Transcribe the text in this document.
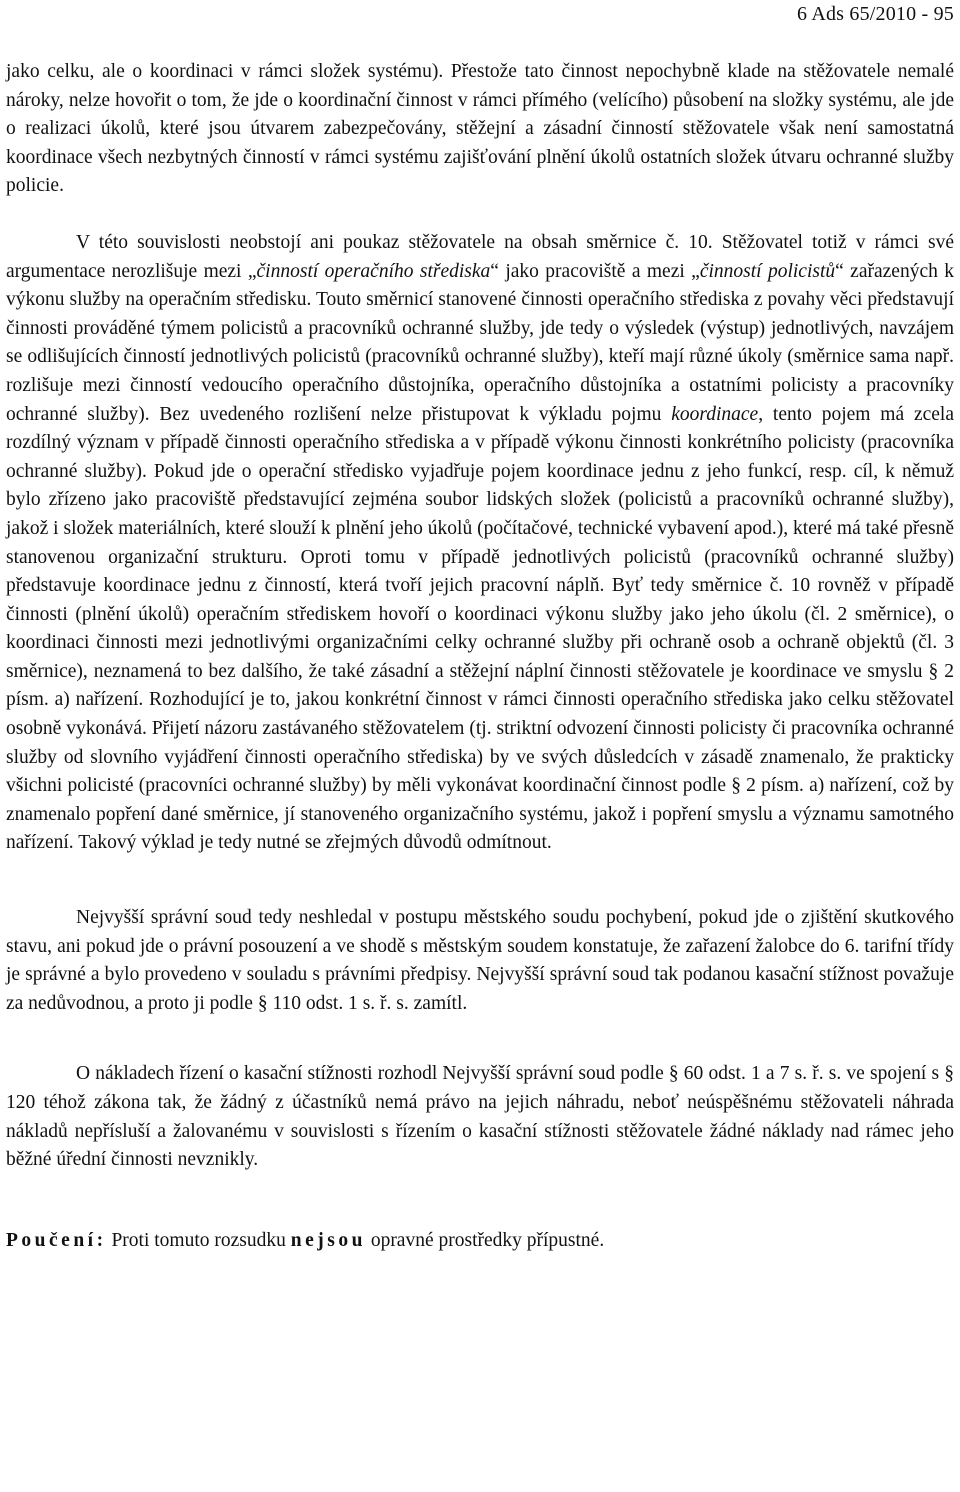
6 Ads 65/2010 - 95

jako celku, ale o koordinaci v rámci složek systému). Přestože tato činnost nepochybně klade na stěžovatele nemalé nároky, nelze hovořit o tom, že jde o koordinační činnost v rámci přímého (velícího) působení na složky systému, ale jde o realizaci úkolů, které jsou útvarem zabezpečovány, stěžejní a zásadní činností stěžovatele však není samostatná koordinace všech nezbytných činností v rámci systému zajišťování plnění úkolů ostatních složek útvaru ochranné služby policie.

V této souvislosti neobstojí ani poukaz stěžovatele na obsah směrnice č. 10. Stěžovatel totiž v rámci své argumentace nerozlišuje mezi „činností operačního střediska“ jako pracoviště a mezi „činností policistů“ zařazených k výkonu služby na operačním středisku. Touto směrnicí stanovené činnosti operačního střediska z povahy věci představují činnosti prováděné týmem policistů a pracovníků ochranné služby, jde tedy o výsledek (výstup) jednotlivých, navzájem se odlišujících činností jednotlivých policistů (pracovníků ochranné služby), kteří mají různé úkoly (směrnice sama např. rozlišuje mezi činností vedoucího operačního důstojníka, operačního důstojníka a ostatními policisty a pracovníky ochranné služby). Bez uvedeného rozlišení nelze přistupovat k výkladu pojmu koordinace, tento pojem má zcela rozdílný význam v případě činnosti operačního střediska a v případě výkonu činnosti konkrétního policisty (pracovníka ochranné služby). Pokud jde o operační středisko vyjadřuje pojem koordinace jednu z jeho funkcí, resp. cíl, k němuž bylo zřízeno jako pracoviště představující zejména soubor lidských složek (policistů a pracovníků ochranné služby), jakož i složek materiálních, které slouží k plnění jeho úkolů (počítačové, technické vybavení apod.), které má také přesně stanovenou organizační strukturu. Oproti tomu v případě jednotlivých policistů (pracovníků ochranné služby) představuje koordinace jednu z činností, která tvoří jejich pracovní náplň. Byť tedy směrnice č. 10 rovněž v případě činnosti (plnění úkolů) operačním střediskem hovoří o koordinaci výkonu služby jako jeho úkolu (čl. 2 směrnice), o koordinaci činnosti mezi jednotlivými organizačními celky ochranné služby při ochraně osob a ochraně objektů (čl. 3 směrnice), neznamená to bez dalšího, že také zásadní a stěžejní náplní činnosti stěžovatele je koordinace ve smyslu § 2 písm. a) nařízení. Rozhodující je to, jakou konkrétní činnost v rámci činnosti operačního střediska jako celku stěžovatel osobně vykonává. Přijetí názoru zastávaného stěžovatelem (tj. striktní odvození činnosti policisty či pracovníka ochranné služby od slovního vyjádření činnosti operačního střediska) by ve svých důsledcích v zásadě znamenalo, že prakticky všichni policisté (pracovníci ochranné služby) by měli vykonávat koordinační činnost podle § 2 písm. a) nařízení, což by znamenalo popření dané směrnice, jí stanoveného organizačního systému, jakož i popření smyslu a významu samotného nařízení. Takový výklad je tedy nutné se zřejmých důvodů odmítnout.

Nejvyšší správní soud tedy neshledal v postupu městského soudu pochybení, pokud jde o zjištění skutkového stavu, ani pokud jde o právní posouzení a ve shodě s městským soudem konstatuje, že zařazení žalobce do 6. tarifní třídy je správné a bylo provedeno v souladu s právními předpisy. Nejvyšší správní soud tak podanou kasační stížnost považuje za nedůvodnou, a proto ji podle § 110 odst. 1 s. ř. s. zamítl.

O nákladech řízení o kasační stížnosti rozhodl Nejvyšší správní soud podle § 60 odst. 1 a 7 s. ř. s. ve spojení s § 120 téhož zákona tak, že žádný z účastníků nemá právo na jejich náhradu, neboť neúspěšnému stěžovateli náhrada nákladů nepřísluší a žalovanému v souvislosti s řízením o kasační stížnosti stěžovatele žádné náklady nad rámec jeho běžné úřední činnosti nevznikly.

Poučení: Proti tomuto rozsudku nejsou opravné prostředky přípustné.
